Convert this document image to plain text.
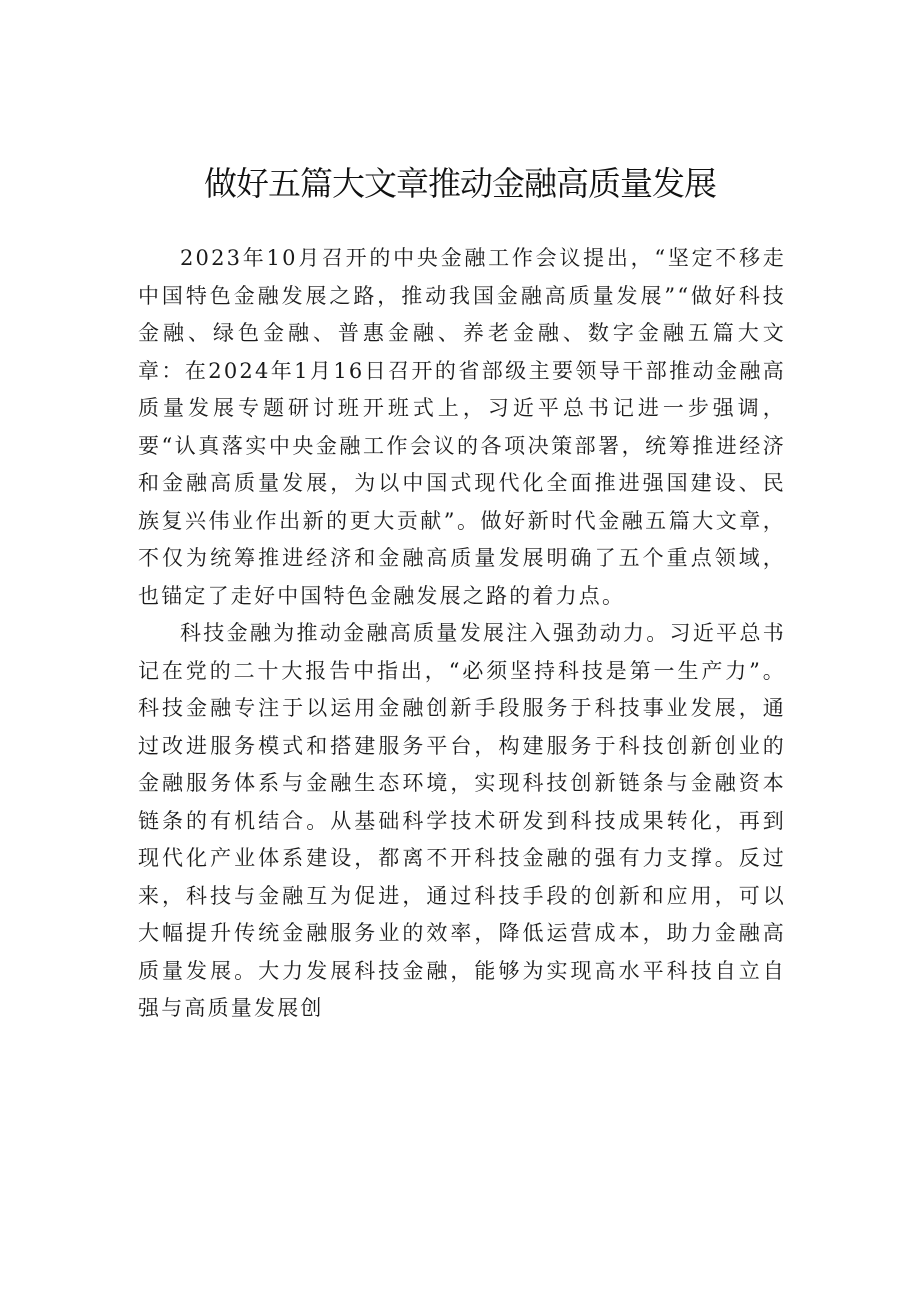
做好五篇大文章推动金融高质量发展

2023年10月召开的中央金融工作会议提出，“坚定不移走中国特色金融发展之路，推动我国金融高质量发展”“做好科技金融、绿色金融、普惠金融、养老金融、数字金融五篇大文章：在2024年1月16日召开的省部级主要领导干部推动金融高质量发展专题研讨班开班式上，习近平总书记进一步强调，要“认真落实中央金融工作会议的各项决策部署，统筹推进经济和金融高质量发展，为以中国式现代化全面推进强国建设、民族复兴伟业作出新的更大贡献”。做好新时代金融五篇大文章，不仅为统筹推进经济和金融高质量发展明确了五个重点领域，也锚定了走好中国特色金融发展之路的着力点。

科技金融为推动金融高质量发展注入强劲动力。习近平总书记在党的二十大报告中指出，“必须坚持科技是第一生产力”。科技金融专注于以运用金融创新手段服务于科技事业发展，通过改进服务模式和搭建服务平台，构建服务于科技创新创业的金融服务体系与金融生态环境，实现科技创新链条与金融资本链条的有机结合。从基础科学技术研发到科技成果转化，再到现代化产业体系建设，都离不开科技金融的强有力支撑。反过来，科技与金融互为促进，通过科技手段的创新和应用，可以大幅提升传统金融服务业的效率，降低运营成本，助力金融高质量发展。大力发展科技金融，能够为实现高水平科技自立自强与高质量发展创
